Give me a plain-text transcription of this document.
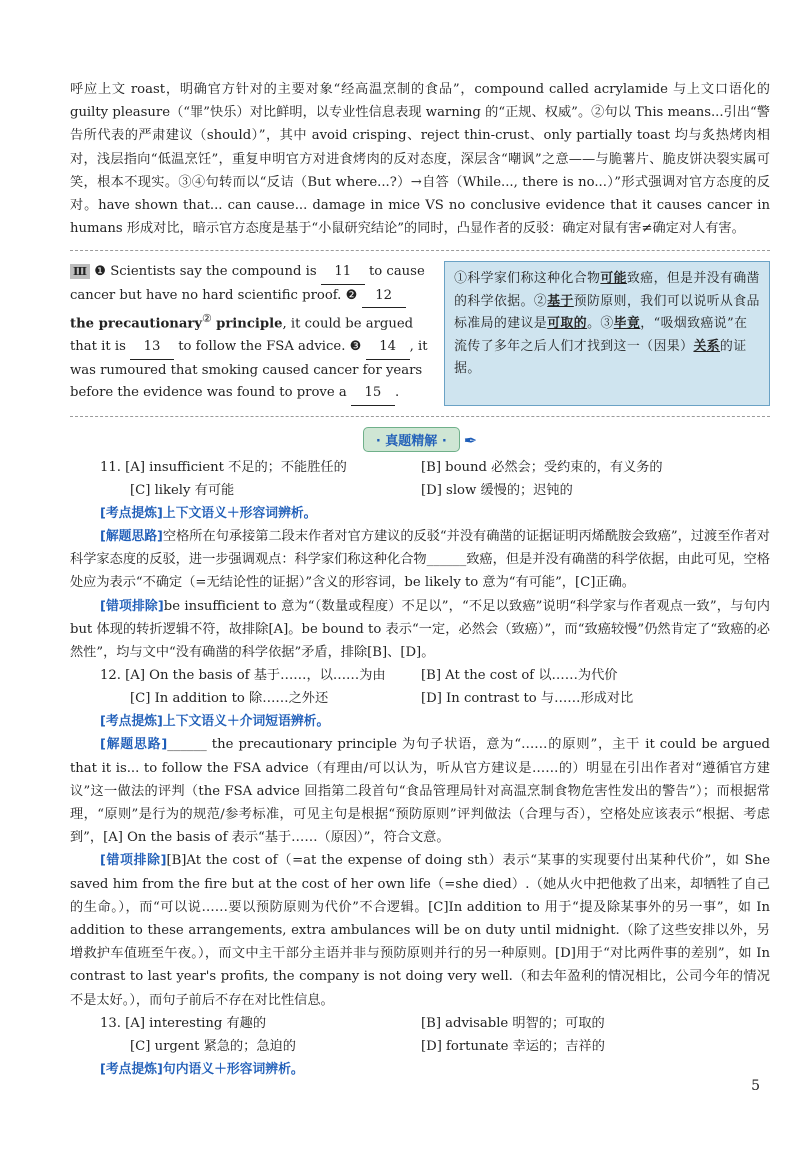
呼应上文 roast，明确官方针对的主要对象“经高温烹制的食品”，compound called acrylamide 与上文口语化的 guilty pleasure（“罪”快乐）对比鲜明，以专业性信息表现 warning 的“正规、权威”。②句以 This means...引出“警告所代表的严肃建议（should）”，其中 avoid crisping、reject thin-crust、only partially toast 均与炙热烤肉相对，浅层指向“低温烹饪”，重复申明官方对进食烤肉的反对态度，深层含“嘲讽”之意——与脆薯片、脆皮饼决裂实属可笑，根本不现实。③④句转而以“反诘（But where...?）→自答（While..., there is no...）”形式强调对官方态度的反对。have shown that... can cause... damage in mice VS no conclusive evidence that it causes cancer in humans 形成对比，暗示官方态度是基于“小鼠研究结论”的同时，凸显作者的反驳：确定对鼠有害≠确定对人有害。

Ⅲ ❶ Scientists say the compound is 11 to cause cancer but have no hard scientific proof. ❷ 12 the precautionary② principle, it could be argued that it is 13 to follow the FSA advice. ❸ 14 , it was rumoured that smoking caused cancer for years before the evidence was found to prove a 15 .
①科学家们称这种化合物可能致癌，但是并没有确凿的科学依据。②基于预防原则，我们可以说听从食品标准局的建议是可取的。③毕竟，“吸烟致癌说”在流传了多年之后人们才找到这一（因果）关系的证据。
· 真题精解 · ✒
11. [A] insufficient 不足的；不能胜任的	[B] bound 必然会；受约束的，有义务的
[C] likely 有可能	[D] slow 缓慢的；迟钝的

[考点提炼]上下文语义＋形容词辨析。

[解题思路]空格所在句承接第二段末作者对官方建议的反驳“并没有确凿的证据证明丙烯酰胺会致癌”，过渡至作者对科学家态度的反驳，进一步强调观点：科学家们称这种化合物______致癌，但是并没有确凿的科学依据，由此可见，空格处应为表示“不确定（=无结论性的证据）”含义的形容词，be likely to 意为“有可能”，[C]正确。

[错项排除]be insufficient to 意为“（数量或程度）不足以”，“不足以致癌”说明“科学家与作者观点一致”，与句内 but 体现的转折逻辑不符，故排除[A]。be bound to 表示“一定，必然会（致癌）”，而“致癌较慢”仍然肯定了“致癌的必然性”，均与文中“没有确凿的科学依据”矛盾，排除[B]、[D]。

12. [A] On the basis of 基于……，以……为由	[B] At the cost of 以……为代价
[C] In addition to 除……之外还	[D] In contrast to 与……形成对比

[考点提炼]上下文语义＋介词短语辨析。

[解题思路]______ the precautionary principle 为句子状语，意为“……的原则”，主干 it could be argued that it is... to follow the FSA advice（有理由/可以认为，听从官方建议是……的）明显在引出作者对“遵循官方建议”这一做法的评判（the FSA advice 回指第二段首句“食品管理局针对高温烹制食物危害性发出的警告”）；而根据常理，“原则”是行为的规范/参考标准，可见主句是根据“预防原则”评判做法（合理与否），空格处应该表示“根据、考虑到”，[A] On the basis of 表示“基于……（原因）”，符合文意。

[错项排除][B]At the cost of（=at the expense of doing sth）表示“某事的实现要付出某种代价”，如 She saved him from the fire but at the cost of her own life（=she died）.（她从火中把他救了出来，却牺牲了自己的生命。），而“可以说……要以预防原则为代价”不合逻辑。[C]In addition to 用于“提及除某事外的另一事”，如 In addition to these arrangements, extra ambulances will be on duty until midnight.（除了这些安排以外，另增救护车值班至午夜。），而文中主干部分主语并非与预防原则并行的另一种原则。[D]用于“对比两件事的差别”，如 In contrast to last year's profits, the company is not doing very well.（和去年盈利的情况相比，公司今年的情况不是太好。），而句子前后不存在对比性信息。

13. [A] interesting 有趣的	[B] advisable 明智的；可取的
[C] urgent 紧急的；急迫的	[D] fortunate 幸运的；吉祥的

[考点提炼]句内语义＋形容词辨析。

5
